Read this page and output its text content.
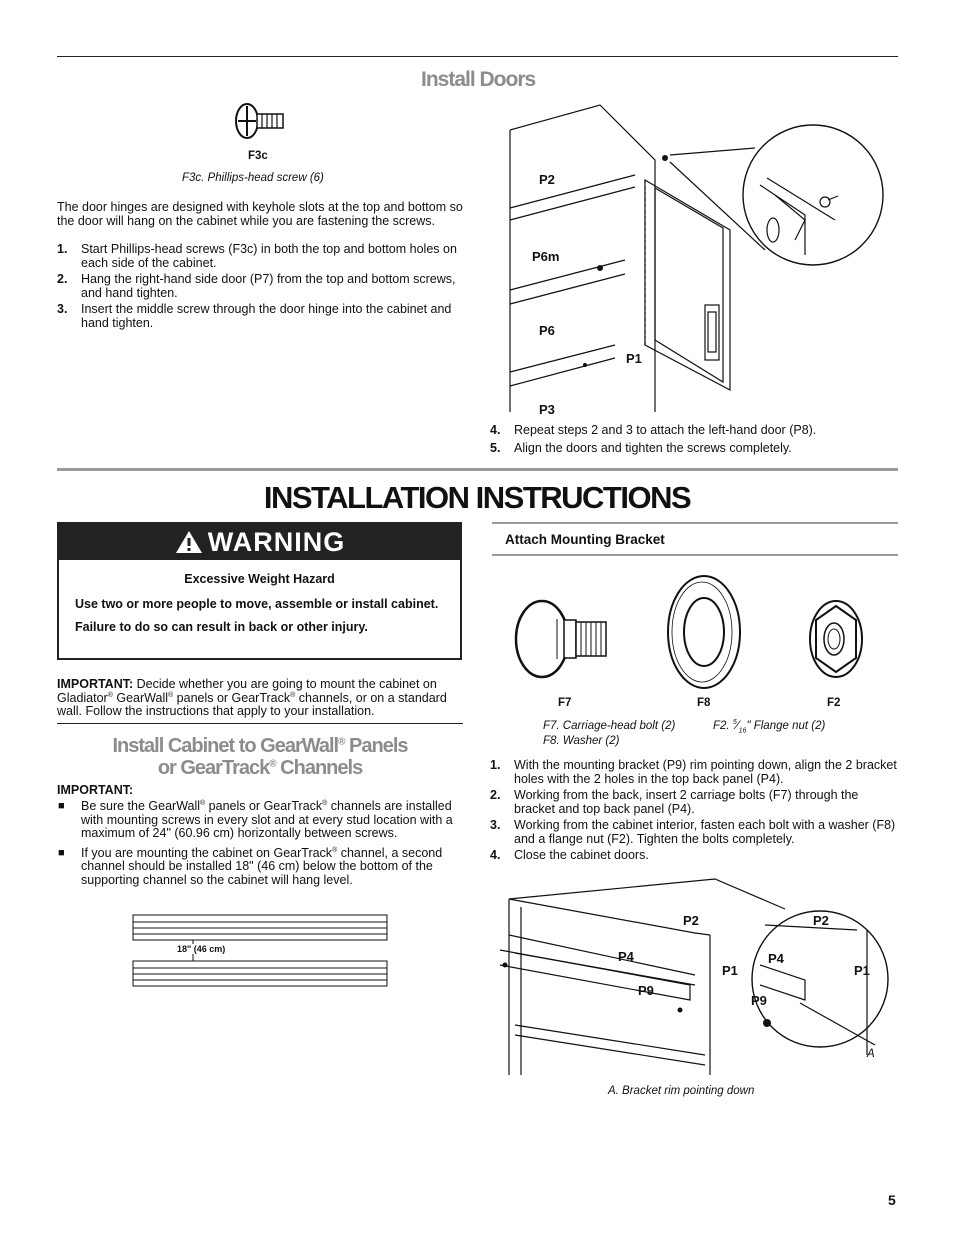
Install Doors
F3c
F3c. Phillips-head screw (6)
The door hinges are designed with keyhole slots at the top and bottom so the door will hang on the cabinet while you are fastening the screws.
1. Start Phillips-head screws (F3c) in both the top and bottom holes on each side of the cabinet.
2. Hang the right-hand side door (P7) from the top and bottom screws, and hand tighten.
3. Insert the middle screw through the door hinge into the cabinet and hand tighten.
P2
P6m
P6
P1
P3
4. Repeat steps 2 and 3 to attach the left-hand door (P8).
5. Align the doors and tighten the screws completely.
INSTALLATION INSTRUCTIONS
WARNING
Excessive Weight Hazard
Use two or more people to move, assemble or install cabinet.
Failure to do so can result in back or other injury.
IMPORTANT: Decide whether you are going to mount the cabinet on Gladiator® GearWall® panels or GearTrack® channels, or on a standard wall. Follow the instructions that apply to your installation.
Install Cabinet to GearWall® Panels
or GearTrack® Channels
IMPORTANT:
■ Be sure the GearWall® panels or GearTrack® channels are installed with mounting screws in every slot and at every stud location with a maximum of 24" (60.96 cm) horizontally between screws.
■ If you are mounting the cabinet on GearTrack® channel, a second channel should be installed 18" (46 cm) below the bottom of the supporting channel so the cabinet will hang level.
18" (46 cm)
Attach Mounting Bracket
F7	F8	F2
F7. Carriage-head bolt (2)	F2. $^5⁄_{16}$" Flange nut (2)
F8. Washer (2)
1. With the mounting bracket (P9) rim pointing down, align the 2 bracket holes with the 2 holes in the top back panel (P4).
2. Working from the back, insert 2 carriage bolts (F7) through the bracket and top back panel (P4).
3. Working from the cabinet interior, fasten each bolt with a washer (F8) and a flange nut (F2). Tighten the bolts completely.
4. Close the cabinet doors.
P2
P4
P1
P9
P2
P4
P1
P9
A
A. Bracket rim pointing down
5
